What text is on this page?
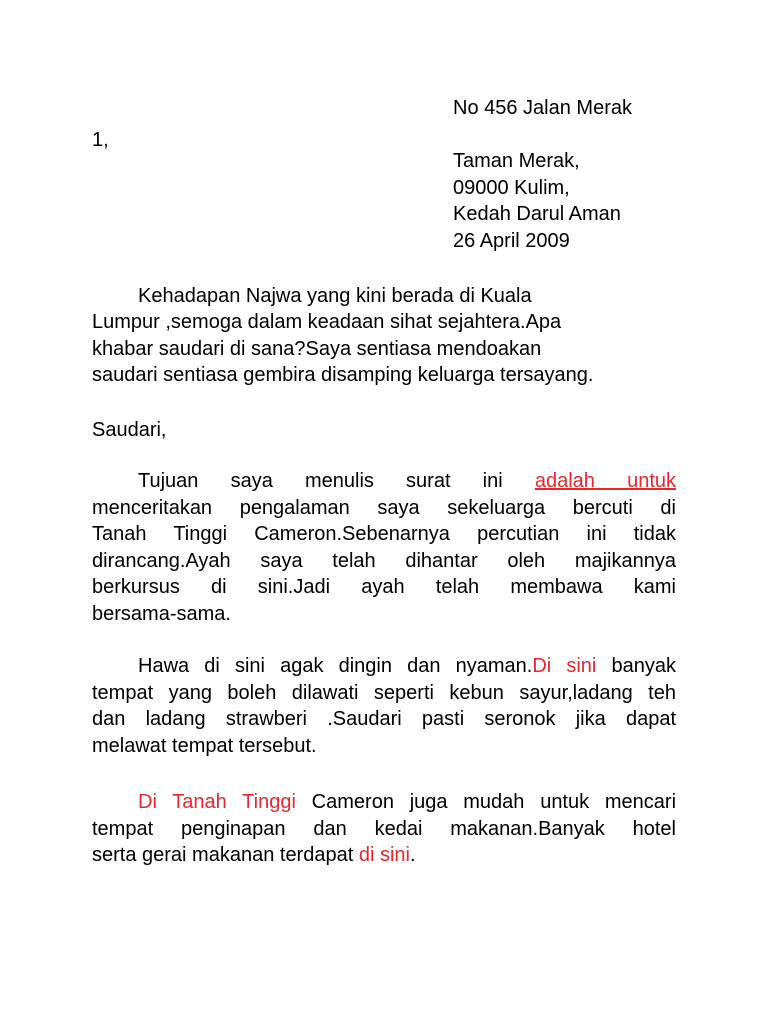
No 456 Jalan Merak
1,
Taman Merak,
09000 Kulim,
Kedah Darul Aman
26 April 2009
Kehadapan Najwa yang kini berada di Kuala
Lumpur ,semoga dalam keadaan sihat sejahtera.Apa
khabar saudari di sana?Saya sentiasa mendoakan
saudari sentiasa gembira disamping keluarga tersayang.
Saudari,
Tujuan saya menulis surat ini adalah untuk
menceritakan pengalaman saya sekeluarga bercuti di
Tanah Tinggi Cameron.Sebenarnya percutian ini tidak
dirancang.Ayah saya telah dihantar oleh majikannya
berkursus di sini.Jadi ayah telah membawa kami
bersama-sama.
Hawa di sini agak dingin dan nyaman.Di sini banyak
tempat yang boleh dilawati seperti kebun sayur,ladang teh
dan ladang strawberi .Saudari pasti seronok jika dapat
melawat tempat tersebut.
Di Tanah Tinggi Cameron juga mudah untuk mencari
tempat penginapan dan kedai makanan.Banyak hotel
serta gerai makanan terdapat di sini.
